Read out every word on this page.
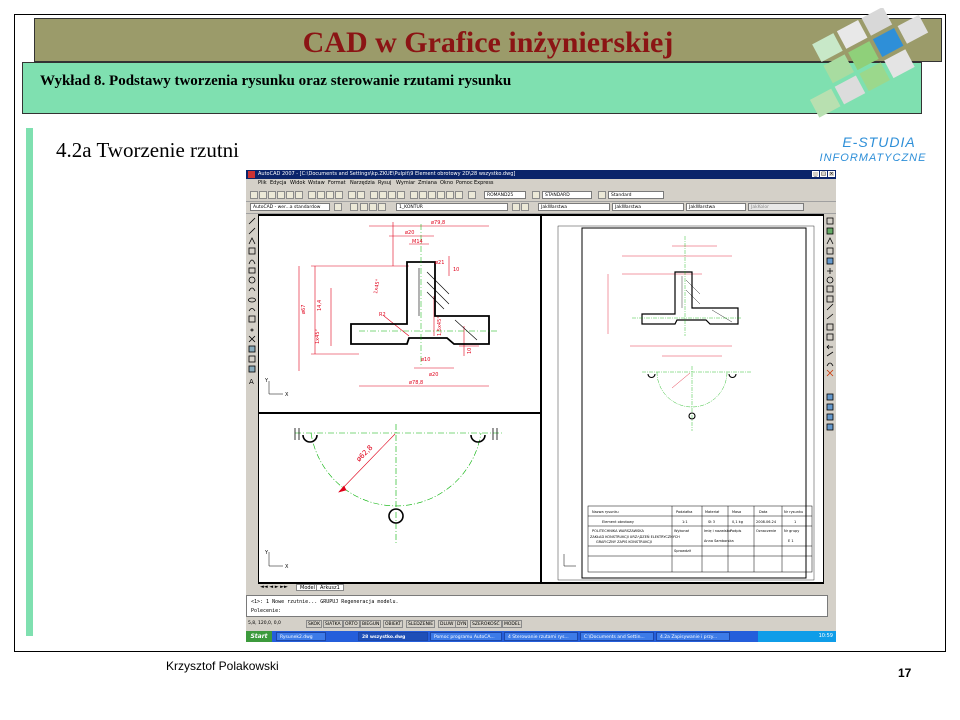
CAD w Grafice inżynierskiej
Wykład 8. Podstawy tworzenia rysunku oraz sterowanie rzutami rysunku
4.2a Tworzenie rzutni	E-STUDIA
INFORMATYCZNE
AutoCAD 2007 - [C:\Documents and Settings\kp.ZKUE\Pulpit\9 Element obrotowy 2D\28 wszystko.dwg]	_ □ ×
Plik Edycja Widok Wstaw Format Narzędzia Rysuj Wymiar Zmiana Okno Pomoc Express
ROMAND25	STANDARD	Standard
AutoCAD - wer...a standardow	1_KONTUR	JakWarstwa	JakWarstwa	JakWarstwa	JakKolor
A
ø79,8
ø20
M14
10
ø21
14,4
ø67
1x45°
1,5x45°
R2
ø10
1x45°
10
ø20
ø78,8
Y
X
ø62,8
Y
X
Nazwa rysunku	Podziałka	Materiał	Masa	Data	Nr rysunku
Element obrotowy	1:1	St 3	0,1 kg	2008.06.24	1
POLITECHNIKA WARSZAWSKA
ZAKŁAD KONSTRUKCJI URZĄDZEŃ ELEKTRYCZNYCH
GRAFICZNY ZAPIS KONSTRUKCJI
Wykonał
Sprawdził
Imię i nazwisko Podpis	Oznaczenie Nr grupy
Anna Samborska	E 1
◄◄ ◄ ► ►►	Model Arkusz1
<1>: 1 Nowe rzutnie... GRUPUJ Regeneracja modelu.
Polecenie:
5,8, 120,0, 0,0	SKOK	SIATKA ORTO BIEGUN	OBIEKT	ŚLEDZENIE	DLUW DYN	SZEROKOŚĆ MODEL
Start	Rysunek2.dwg	28 wszystko.dwg	Pomoc programu AutoCA...	4 Sterowanie rzutami rys...	C:\Documents and Settin...	4.2a Zapisywanie i przy...	10:59
Krzysztof Polakowski	17
